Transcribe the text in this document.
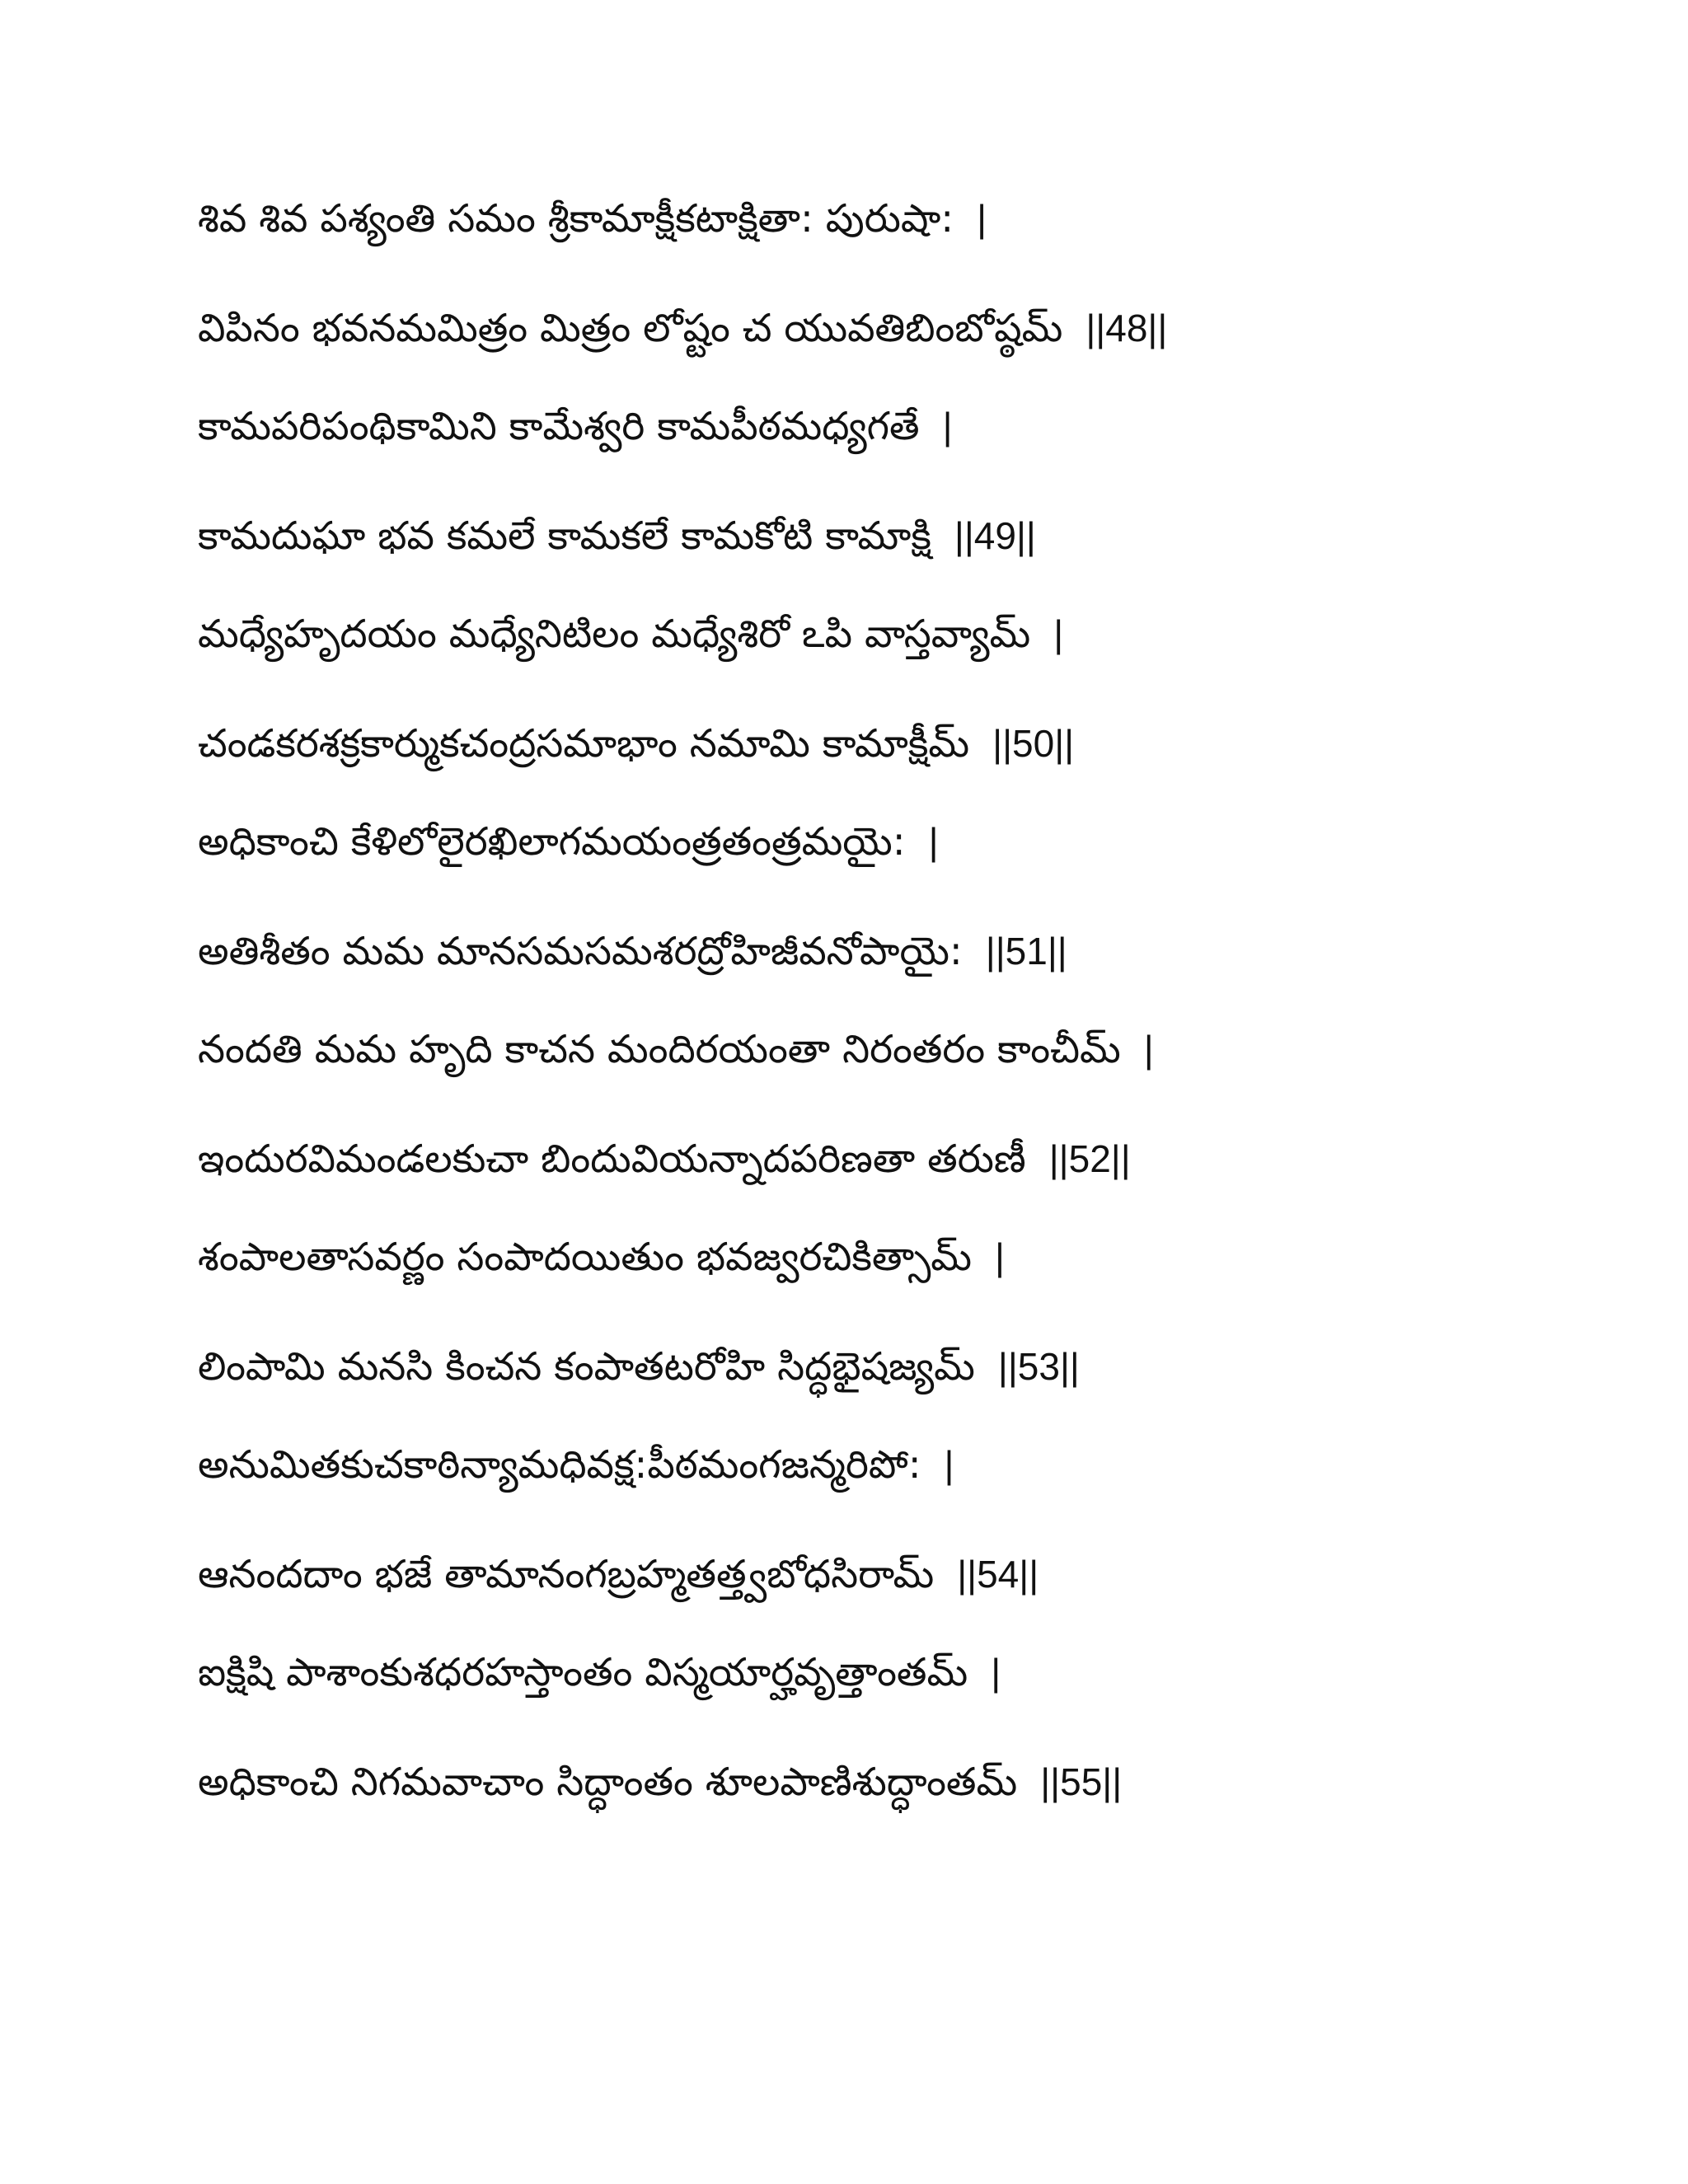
శివ శివ పశ్యంతి సమం శ్రీకామాక్షీకటాక్షితా: పురుషా: |
విపినం భవనమమిత్రం మిత్రం లోష్టం చ యువతిబింబోష్ఠమ్ ||48||
కామపరిపంథికామిని కామేశ్వరి కామపీఠమధ్యగతే |
కామదుఘా భవ కమలే కామకలే కామకోటి కామాక్షి ||49||
మధ్యేహృదయం మధ్యేనిటిలం మధ్యేశిరో ఽపి వాస్తవ్యామ్ |
చండకరశక్రకార్ముకచంద్రసమాభాం నమామి కామాక్షీమ్ ||50||
అధికాంచి కేళిలోలైరఖిలాగమయంత్రతంత్రమయై: |
అతిశీతం మమ మానసమసమశరద్రోహిజీవనోపాయై: ||51||
నందతి మమ హృది కాచన మందిరయంతా నిరంతరం కాంచీమ్ |
ఇందురవిమండలకుచా బిందువియన్నాదపరిణతా తరుణీ ||52||
శంపాలతాసవర్ణం సంపాదయితుం భవజ్వరచికిత్సామ్ |
లింపామి మనసి కించన కంపాతటరోహి సిద్ధభైషజ్యమ్ ||53||
అనుమితకుచకాఠిన్యామధివక్ష:పీఠమంగజన్మరిపో: |
ఆనందదాం భజే తామానంగబ్రహ్మతత్త్వబోధసిరామ్ ||54||
ఐక్షిషి పాశాంకుశధరహస్తాంతం విస్మయార్హవృత్తాంతమ్ |
అధికాంచి నిగమవాచాం సిద్ధాంతం శూలపాణిశుద్ధాంతమ్ ||55||
